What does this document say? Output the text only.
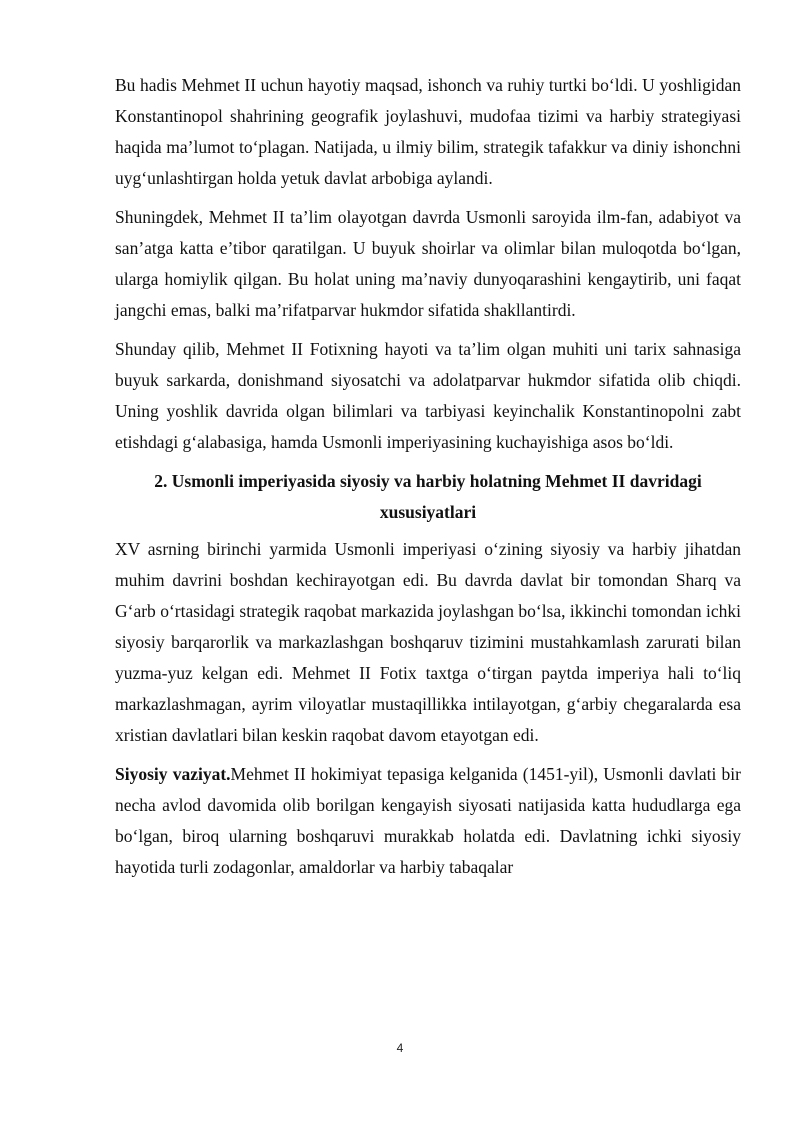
Bu hadis Mehmet II uchun hayotiy maqsad, ishonch va ruhiy turtki bo‘ldi. U yoshligidan Konstantinopol shahrining geografik joylashuvi, mudofaa tizimi va harbiy strategiyasi haqida ma’lumot to‘plagan. Natijada, u ilmiy bilim, strategik tafakkur va diniy ishonchni uyg‘unlashtirgan holda yetuk davlat arbobiga aylandi.

Shuningdek, Mehmet II ta’lim olayotgan davrda Usmonli saroyida ilm-fan, adabiyot va san’atga katta e’tibor qaratilgan. U buyuk shoirlar va olimlar bilan muloqotda bo‘lgan, ularga homiylik qilgan. Bu holat uning ma’naviy dunyoqarashini kengaytirib, uni faqat jangchi emas, balki ma’rifatparvar hukmdor sifatida shakllantirdi.

Shunday qilib, Mehmet II Fotixning hayoti va ta’lim olgan muhiti uni tarix sahnasiga buyuk sarkarda, donishmand siyosatchi va adolatparvar hukmdor sifatida olib chiqdi. Uning yoshlik davrida olgan bilimlari va tarbiyasi keyinchalik Konstantinopolni zabt etishdagi g‘alabasiga, hamda Usmonli imperiyasining kuchayishiga asos bo‘ldi.

2. Usmonli imperiyasida siyosiy va harbiy holatning Mehmet II davridagi xususiyatlari

XV asrning birinchi yarmida Usmonli imperiyasi o‘zining siyosiy va harbiy jihatdan muhim davrini boshdan kechirayotgan edi. Bu davrda davlat bir tomondan Sharq va G‘arb o‘rtasidagi strategik raqobat markazida joylashgan bo‘lsa, ikkinchi tomondan ichki siyosiy barqarorlik va markazlashgan boshqaruv tizimini mustahkamlash zarurati bilan yuzma-yuz kelgan edi. Mehmet II Fotix taxtga o‘tirgan paytda imperiya hali to‘liq markazlashmagan, ayrim viloyatlar mustaqillikka intilayotgan, g‘arbiy chegaralarda esa xristian davlatlari bilan keskin raqobat davom etayotgan edi.

Siyosiy vaziyat.Mehmet II hokimiyat tepasiga kelganida (1451-yil), Usmonli davlati bir necha avlod davomida olib borilgan kengayish siyosati natijasida katta hududlarga ega bo‘lgan, biroq ularning boshqaruvi murakkab holatda edi. Davlatning ichki siyosiy hayotida turli zodagonlar, amaldorlar va harbiy tabaqalar

4
